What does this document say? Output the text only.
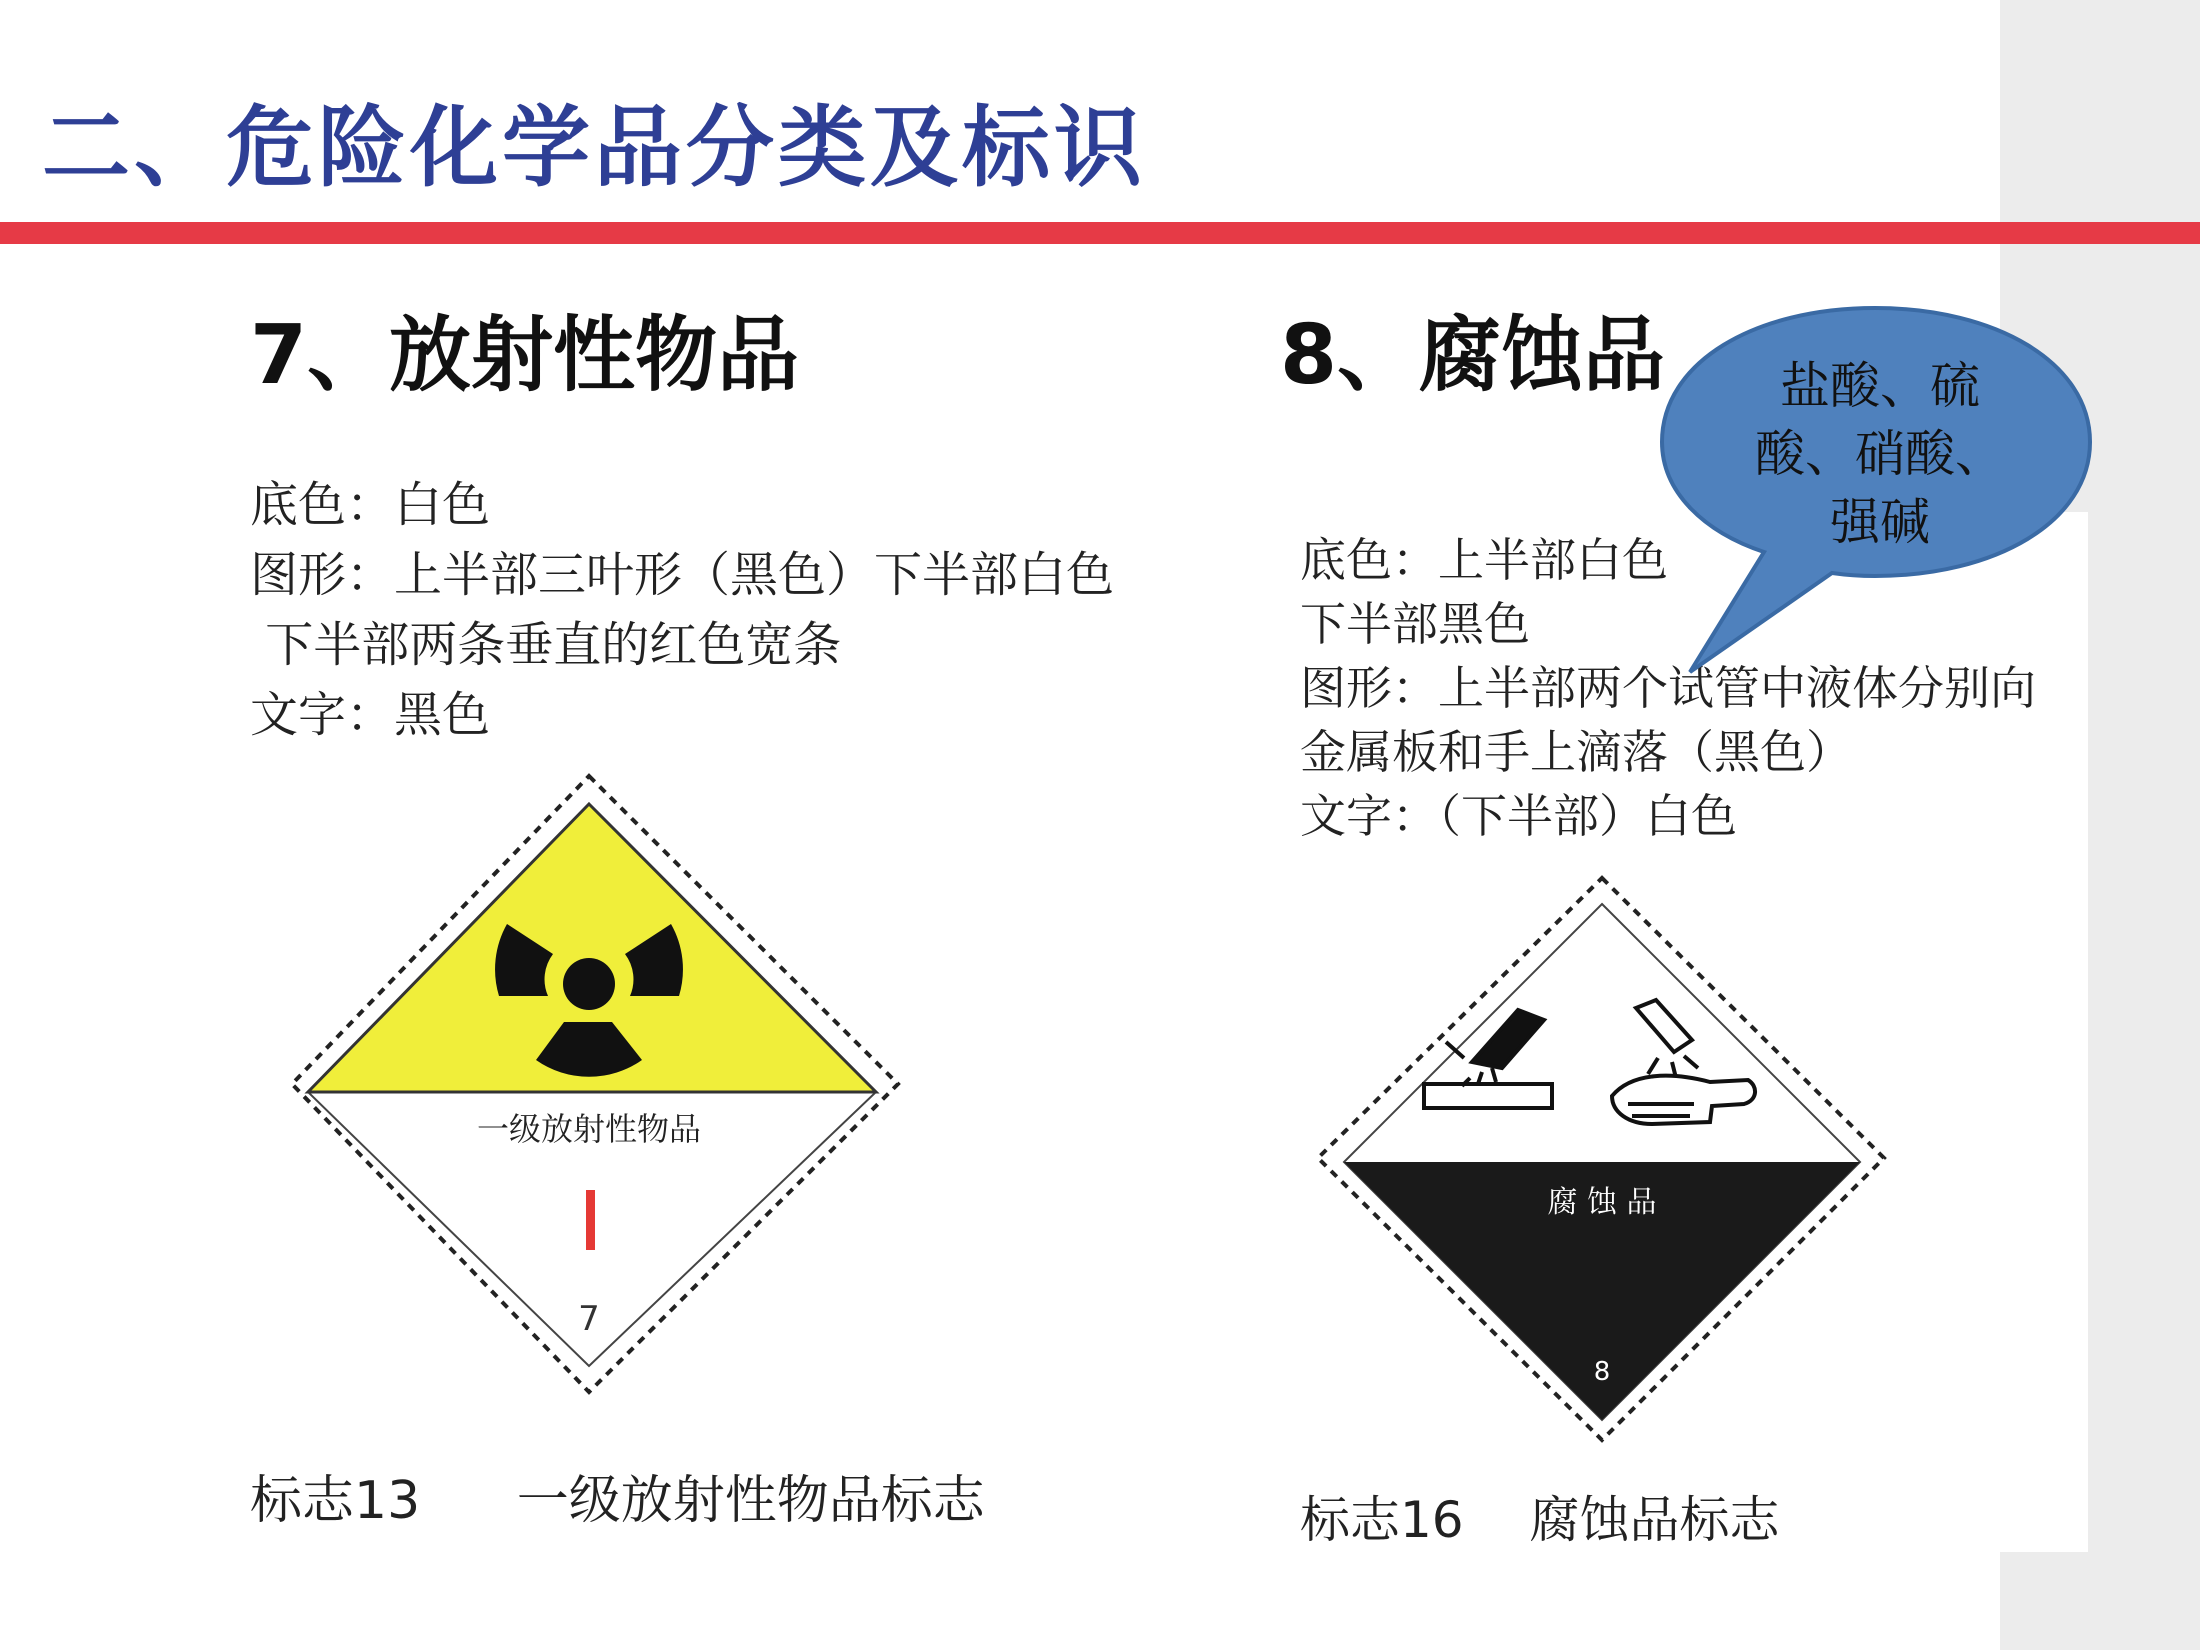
二、危险化学品分类及标识
7、放射性物品
底色：白色
图形：上半部三叶形（黑色）下半部白色
下半部两条垂直的红色宽条
文字：黑色
一级放射性物品
7
标志13 一级放射性物品标志
8、腐蚀品
底色：上半部白色
下半部黑色
图形：上半部两个试管中液体分别向
金属板和手上滴落（黑色）
文字：（下半部）白色
腐 蚀 品
8
标志16 腐蚀品标志
盐酸、硫
酸、硝酸、
强碱
